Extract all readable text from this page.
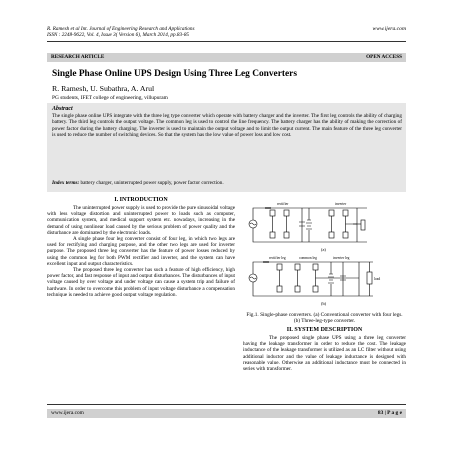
R. Ramesh et al Int. Journal of Engineering Research and Applications
ISSN : 2248-9622, Vol. 4, Issue 3( Version 6), March 2014, pp.83-85
www.ijera.com
RESEARCH ARTICLE	OPEN ACCESS
Single Phase Online UPS Design Using Three Leg Converters
R. Ramesh, U. Subathra, A. Arul
PG students, IFET college of engineering, villupuram
Abstract
The single phase online UPS integrate with the three leg type converter which operate with battery charger and the inverter. The first leg controls the ability of charging battery. The third leg controls the output voltage. The common leg is used to control the line frequency. The battery charger has the ability of making the correction of power factor during the battery charging. The inverter is used to maintain the output voltage and to limit the output current. The main feature of the three leg converter is used to reduce the number of switching devices. So that the system has the low value of power loss and low cost.
Index terms: battery charger, uninterrupted power supply, power factor correction.
I. INTRODUCTION

The uninterrupted power supply is used to provide the pure sinusoidal voltage with less voltage distortion and uninterrupted power to loads such as computer, communication system, and medical support system etc. nowadays, increasing in the demand of using nonlinear load caused by the serious problem of power quality and the disturbance are dominated by the electronic loads.

A single phase four leg converter consist of four leg, in which two legs are used for rectifying and charging purpose, and the other two legs are used for inverter purpose. The proposed three leg converter has the feature of power losses reduced by using the common leg for both PWM rectifier and inverter, and the system can have excellent input and output characteristics.

The proposed three leg converter has such a feature of high efficiency, high power factor, and fast response of input and output disturbances. The disturbances of input voltage caused by over voltage and under voltage can cause a system trip and failure of hardware. In order to overcome this problem of input voltage disturbance a compensation technique is needed to achieve good output voltage regulation.

rectifier	inverter
(a)
rectifier leg	common leg	inverter leg
load
(b)
Fig.1. Single-phase converters. (a) Conventional converter with four legs. (b) Three-leg-type converter.
II. SYSTEM DESCRIPTION

The proposed single phase UPS using a three leg converter having the leakage transformer in order to reduce the cost. The leakage inductance of the leakage transformer is utilized as an LC filter without using additional inductor and the value of leakage inductance is designed with reasonable value. Otherwise an additional inductance must be connected in series with transformer.

www.ijera.com	83 | P a g e
